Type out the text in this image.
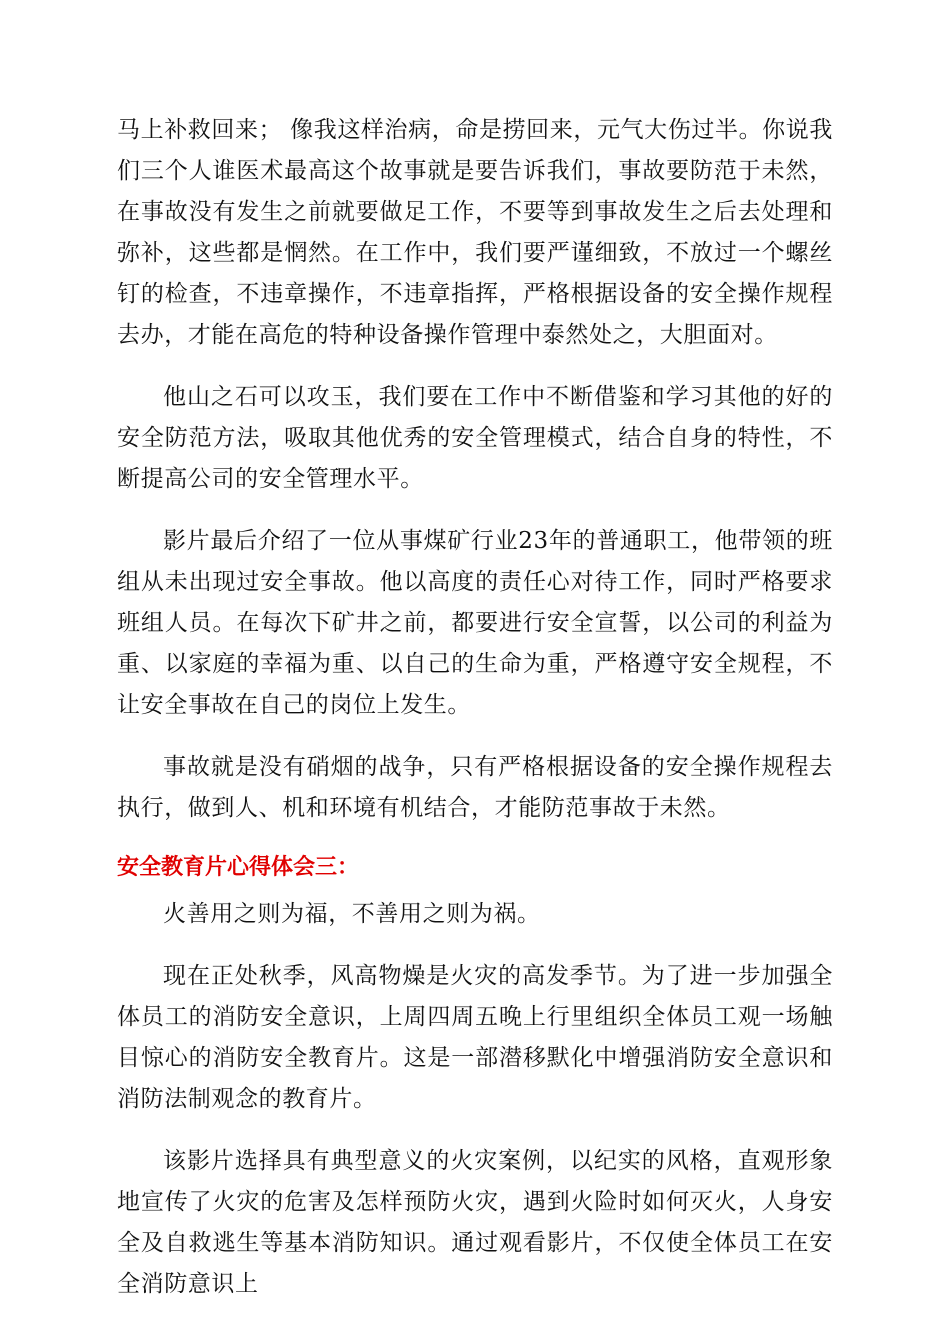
马上补救回来； 像我这样治病，命是捞回来，元气大伤过半。你说我们三个人谁医术最高这个故事就是要告诉我们，事故要防范于未然，在事故没有发生之前就要做足工作，不要等到事故发生之后去处理和弥补，这些都是惘然。在工作中，我们要严谨细致，不放过一个螺丝钉的检查，不违章操作，不违章指挥，严格根据设备的安全操作规程去办，才能在高危的特种设备操作管理中泰然处之，大胆面对。

他山之石可以攻玉，我们要在工作中不断借鉴和学习其他的好的安全防范方法，吸取其他优秀的安全管理模式，结合自身的特性，不断提高公司的安全管理水平。

影片最后介绍了一位从事煤矿行业23年的普通职工，他带领的班组从未出现过安全事故。他以高度的责任心对待工作，同时严格要求班组人员。在每次下矿井之前，都要进行安全宣誓，以公司的利益为重、以家庭的幸福为重、以自己的生命为重，严格遵守安全规程，不让安全事故在自己的岗位上发生。

事故就是没有硝烟的战争，只有严格根据设备的安全操作规程去执行，做到人、机和环境有机结合，才能防范事故于未然。

安全教育片心得体会三：

火善用之则为福，不善用之则为祸。

现在正处秋季，风高物燥是火灾的高发季节。为了进一步加强全体员工的消防安全意识，上周四周五晚上行里组织全体员工观一场触目惊心的消防安全教育片。这是一部潜移默化中增强消防安全意识和消防法制观念的教育片。

该影片选择具有典型意义的火灾案例，以纪实的风格，直观形象地宣传了火灾的危害及怎样预防火灾，遇到火险时如何灭火，人身安全及自救逃生等基本消防知识。通过观看影片，不仅使全体员工在安全消防意识上
